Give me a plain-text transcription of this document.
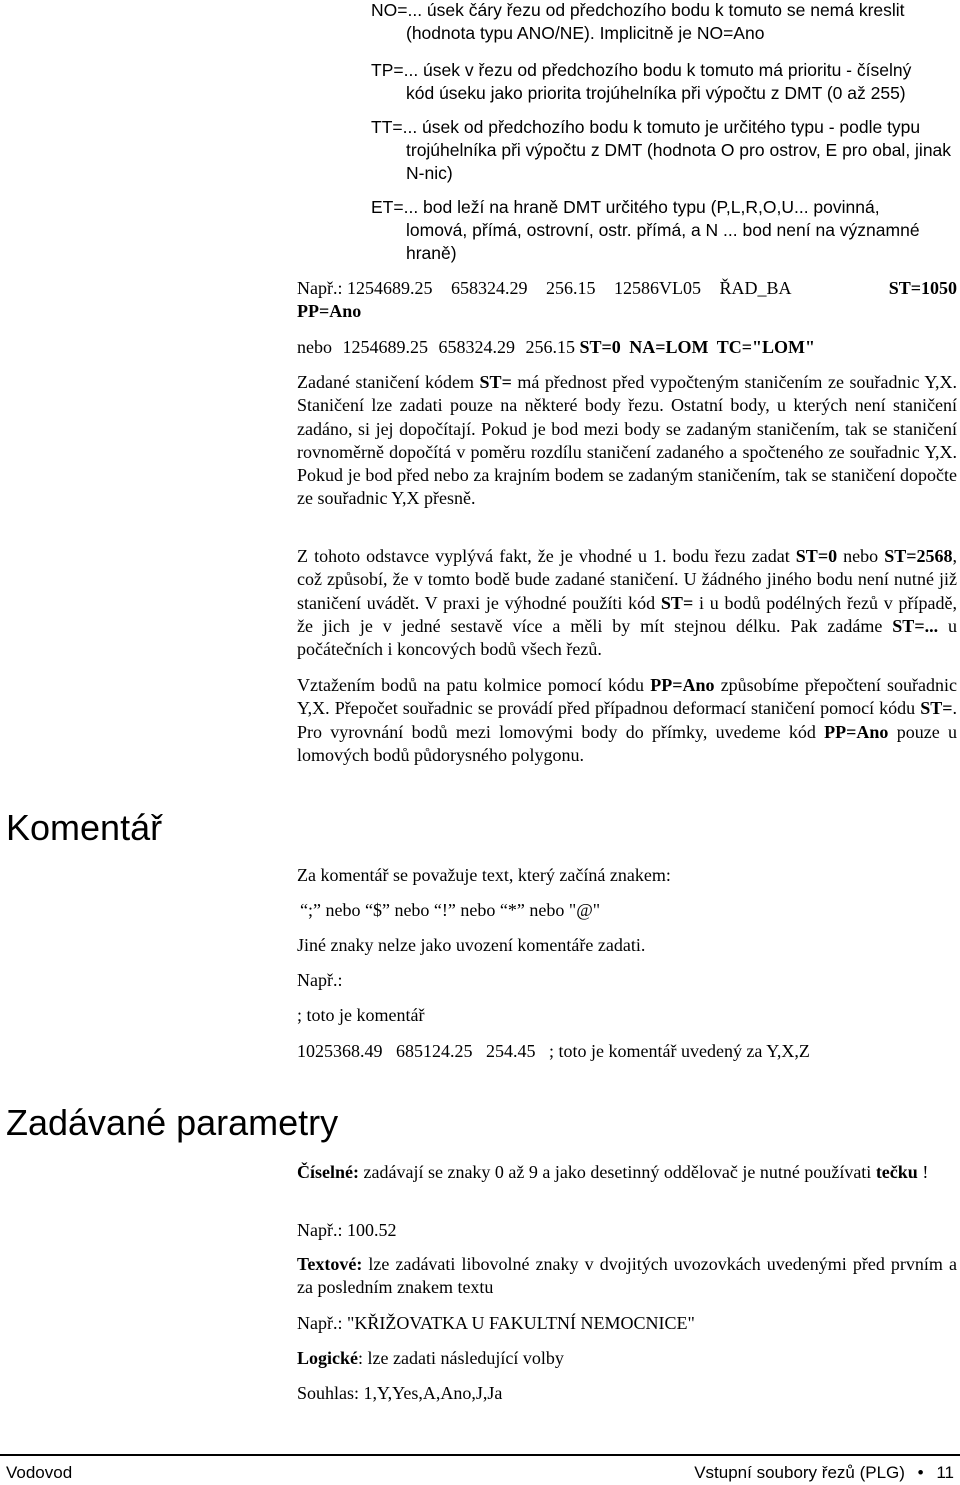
NO=... úsek čáry řezu od předchozího bodu k tomuto se nemá kreslit
(hodnota typu ANO/NE). Implicitně je NO=Ano
TP=... úsek v řezu od předchozího bodu k tomuto má prioritu - číselný
kód úseku jako priorita trojúhelníka při výpočtu z DMT (0 až 255)
TT=... úsek od předchozího bodu k tomuto je určitého typu - podle typu
trojúhelníka při výpočtu z DMT (hodnota O pro ostrov, E pro obal, jinak N-nic)
ET=... bod leží na hraně DMT určitého typu (P,L,R,O,U... povinná,
lomová, přímá, ostrovní, ostr. přímá, a N ... bod není na významné hraně)
Např.: 1254689.25 658324.29 256.15 12586VL05 ŘAD_BA	ST=1050
PP=Ano
nebo 1254689.25 658324.29 256.15 ST=0 NA=LOM TC="LOM"
Zadané staničení kódem ST= má přednost před vypočteným staničením ze souřadnic Y,X. Staničení lze zadati pouze na některé body řezu. Ostatní body, u kterých není staničení zadáno, si jej dopočítají. Pokud je bod mezi body se zadaným staničením, tak se staničení rovnoměrně dopočítá v poměru rozdílu staničení zadaného a spočteného ze souřadnic Y,X. Pokud je bod před nebo za krajním bodem se zadaným staničením, tak se staničení dopočte ze souřadnic Y,X přesně.
Z tohoto odstavce vyplývá fakt, že je vhodné u 1. bodu řezu zadat ST=0 nebo ST=2568, což způsobí, že v tomto bodě bude zadané staničení. U žádného jiného bodu není nutné již staničení uvádět. V praxi je výhodné použíti kód ST= i u bodů podélných řezů v případě, že jich je v jedné sestavě více a měli by mít stejnou délku. Pak zadáme ST=... u počátečních i koncových bodů všech řezů.
Vztažením bodů na patu kolmice pomocí kódu PP=Ano způsobíme přepočtení souřadnic Y,X. Přepočet souřadnic se provádí před případnou deformací staničení pomocí kódu ST=. Pro vyrovnání bodů mezi lomovými body do přímky, uvedeme kód PP=Ano pouze u lomových bodů půdorysného polygonu.
Komentář
Za komentář se považuje text, který začíná znakem:
“;” nebo “$” nebo “!” nebo “*” nebo "@"
Jiné znaky nelze jako uvození komentáře zadati.
Např.:
; toto je komentář
1025368.49   685124.25   254.45   ; toto je komentář uvedený za Y,X,Z
Zadávané parametry
Číselné: zadávají se znaky 0 až 9 a jako desetinný oddělovač je nutné používati tečku !
Např.: 100.52
Textové: lze zadávati libovolné znaky v dvojitých uvozovkách uvedenými před prvním a za posledním znakem textu
Např.: "KŘIŽOVATKA U FAKULTNÍ NEMOCNICE"
Logické: lze zadati následující volby
Souhlas: 1,Y,Yes,A,Ano,J,Ja
Vodovod	Vstupní soubory řezů (PLG) • 11
